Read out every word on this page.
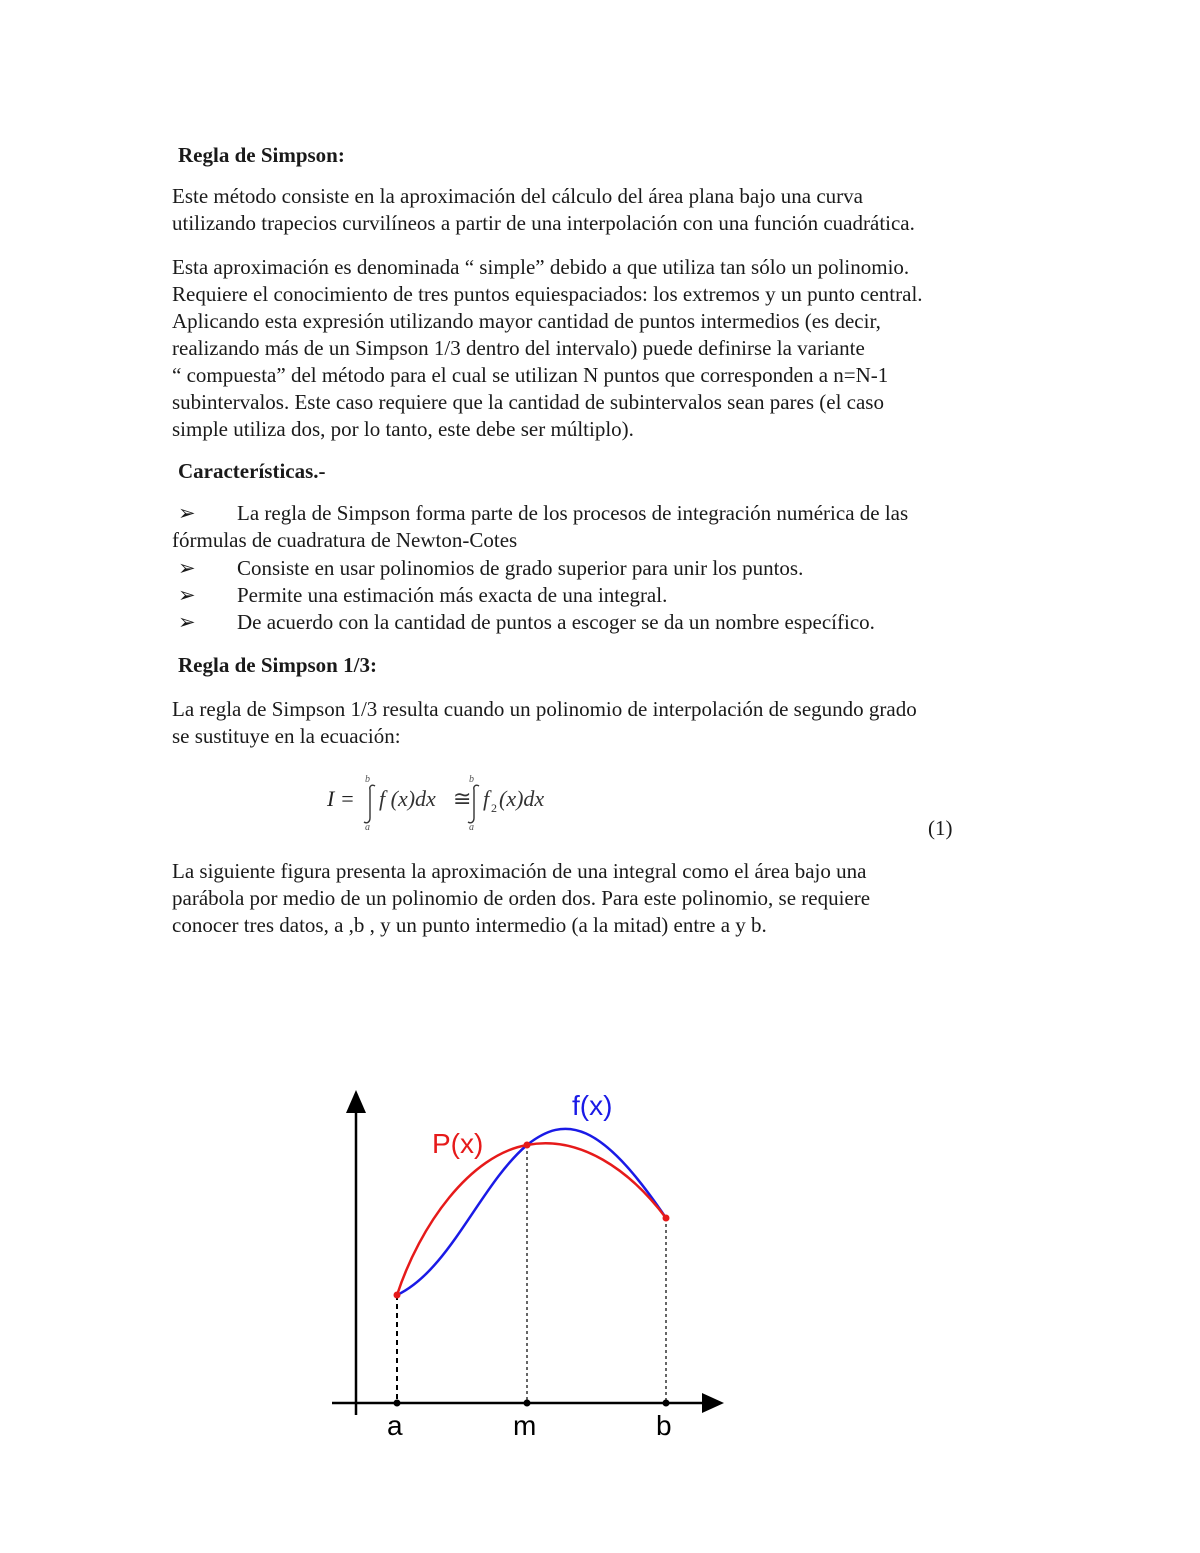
Regla de Simpson:
Este método consiste en la aproximación del cálculo del área plana bajo una curva
utilizando trapecios curvilíneos a partir de una interpolación con una función cuadrática.
Esta aproximación es denominada “ simple” debido a que utiliza tan sólo un polinomio.
Requiere el conocimiento de tres puntos equiespaciados: los extremos y un punto central.
Aplicando esta expresión utilizando mayor cantidad de puntos intermedios (es decir,
realizando más de un Simpson 1/3 dentro del intervalo) puede definirse la variante
“ compuesta” del método para el cual se utilizan N puntos que corresponden a n=N-1
subintervalos. Este caso requiere que la cantidad de subintervalos sean pares (el caso
simple utiliza dos, por lo tanto, este debe ser múltiplo).
Características.-
➢ La regla de Simpson forma parte de los procesos de integración numérica de las
fórmulas de cuadratura de Newton-Cotes
➢ Consiste en usar polinomios de grado superior para unir los puntos.
➢ Permite una estimación más exacta de una integral.
➢ De acuerdo con la cantidad de puntos a escoger se da un nombre específico.
Regla de Simpson 1/3:
La regla de Simpson 1/3 resulta cuando un polinomio de interpolación de segundo grado
se sustituye en la ecuación:
I =
b
a
f (x)dx ≅
b
a
f 2 (x)dx
(1)
La siguiente figura presenta la aproximación de una integral como el área bajo una
parábola por medio de un polinomio de orden dos. Para este polinomio, se requiere
conocer tres datos, a ,b , y un punto intermedio (a la mitad) entre a y b.
f(x)
P(x)
a	m	b
